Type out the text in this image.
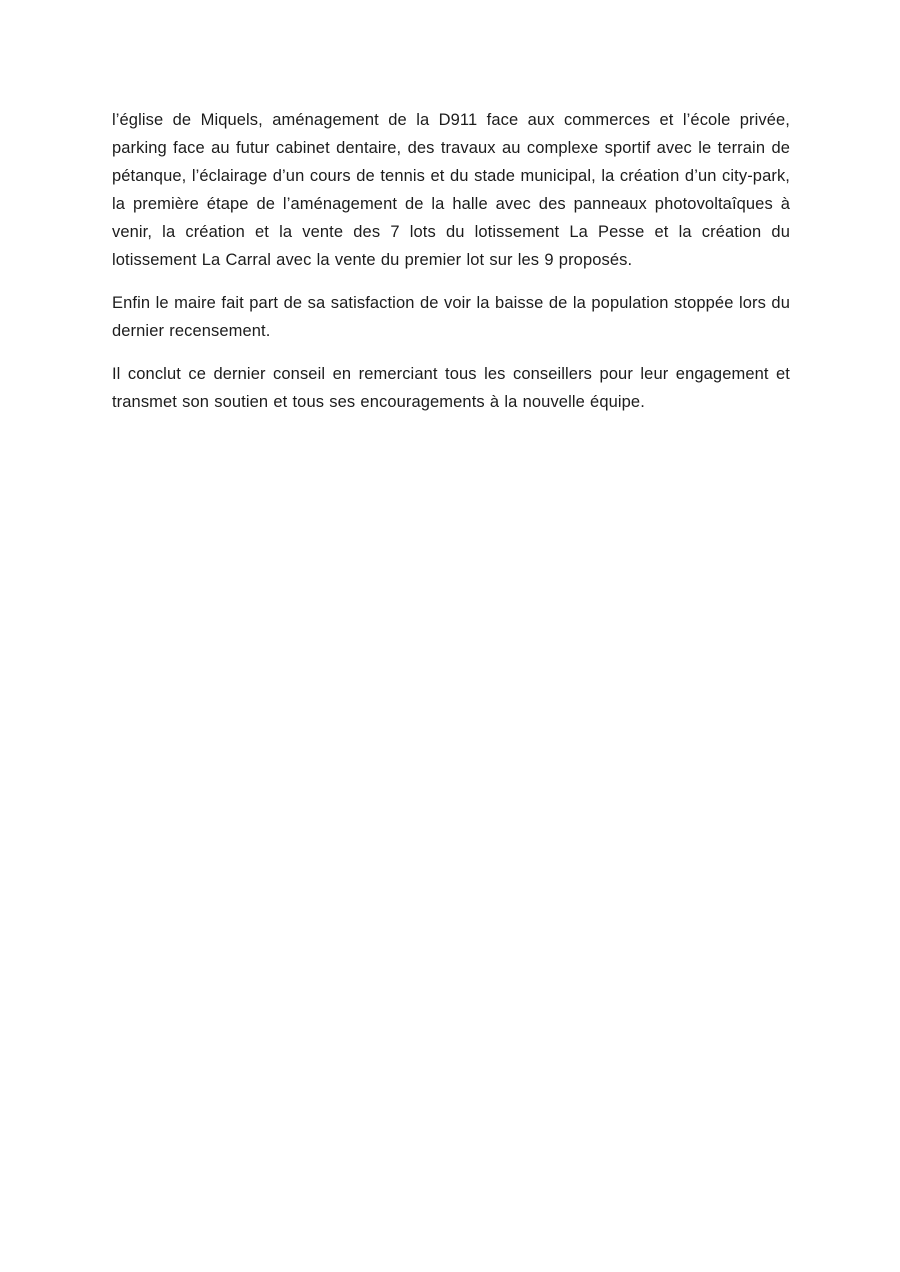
l’église de Miquels, aménagement de la D911 face aux commerces et l’école privée, parking face au futur cabinet dentaire, des travaux au complexe sportif avec le terrain de pétanque, l’éclairage d’un cours de tennis et du stade municipal, la création d’un city-park, la première étape de l’aménagement de la halle avec des panneaux photovoltaîques à venir, la création et la vente des 7 lots du lotissement La Pesse et la création du lotissement La Carral avec la vente du premier lot sur les 9 proposés.

Enfin le maire fait part de sa satisfaction de voir la baisse de la population stoppée lors du dernier recensement.

Il conclut ce dernier conseil en remerciant tous les conseillers pour leur engagement et transmet son soutien et tous ses encouragements à la nouvelle équipe.
